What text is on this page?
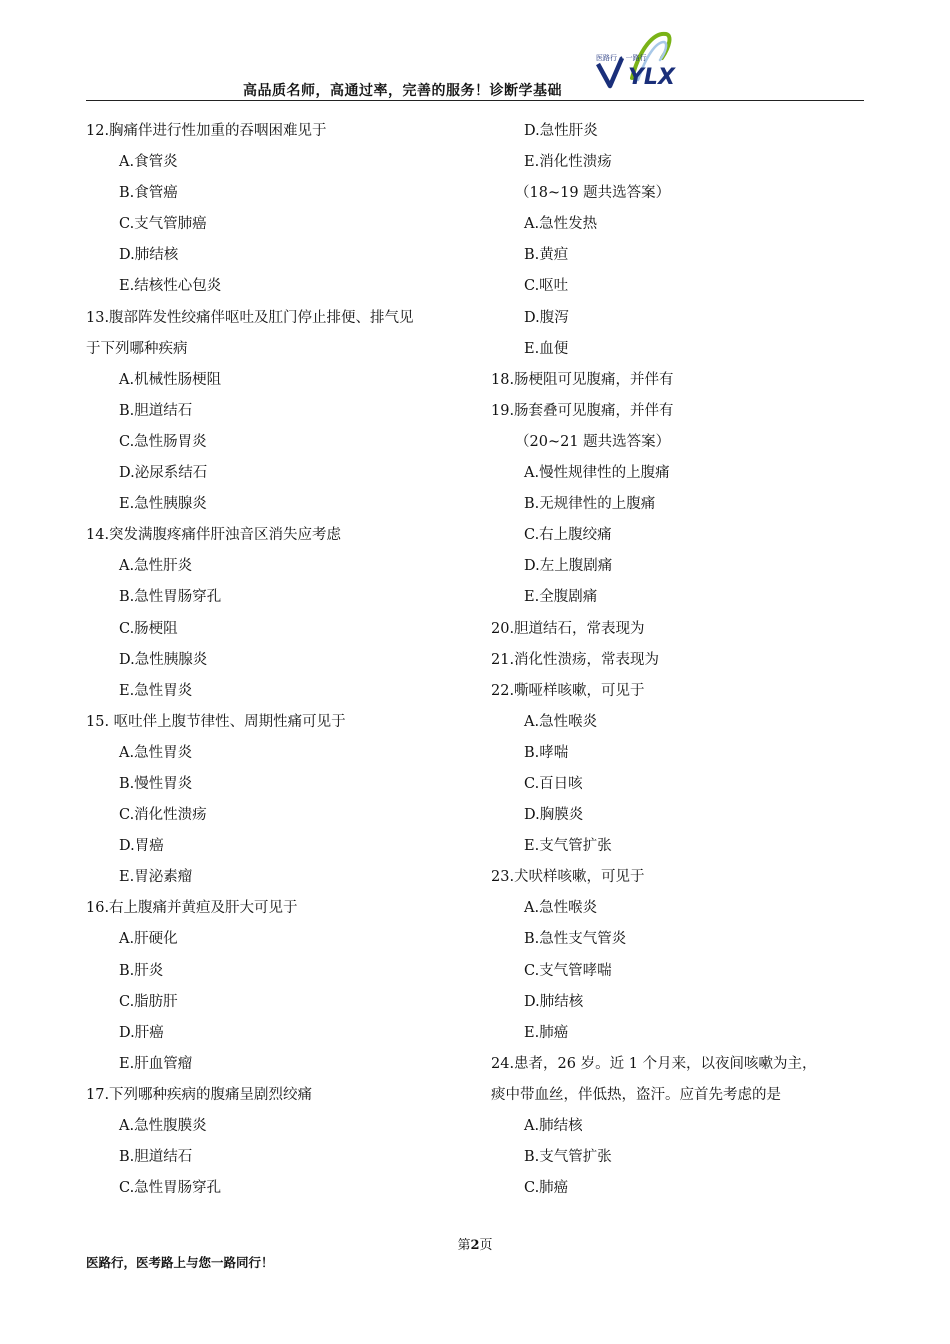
医路行 • 一路行
YLX
高品质名师，高通过率，完善的服务！诊断学基础
12.胸痛伴进行性加重的吞咽困难见于
A.食管炎
B.食管癌
C.支气管肺癌
D.肺结核
E.结核性心包炎
13.腹部阵发性绞痛伴呕吐及肛门停止排便、排气见
于下列哪种疾病
A.机械性肠梗阻
B.胆道结石
C.急性肠胃炎
D.泌尿系结石
E.急性胰腺炎
14.突发满腹疼痛伴肝浊音区消失应考虑
A.急性肝炎
B.急性胃肠穿孔
C.肠梗阻
D.急性胰腺炎
E.急性胃炎
15. 呕吐伴上腹节律性、周期性痛可见于
A.急性胃炎
B.慢性胃炎
C.消化性溃疡
D.胃癌
E.胃泌素瘤
16.右上腹痛并黄疸及肝大可见于
A.肝硬化
B.肝炎
C.脂肪肝
D.肝癌
E.肝血管瘤
17.下列哪种疾病的腹痛呈剧烈绞痛
A.急性腹膜炎
B.胆道结石
C.急性胃肠穿孔
D.急性肝炎
E.消化性溃疡
（18~19 题共选答案）
A.急性发热
B.黄疸
C.呕吐
D.腹泻
E.血便
18.肠梗阻可见腹痛，并伴有
19.肠套叠可见腹痛，并伴有
（20~21 题共选答案）
A.慢性规律性的上腹痛
B.无规律性的上腹痛
C.右上腹绞痛
D.左上腹剧痛
E.全腹剧痛
20.胆道结石，常表现为
21.消化性溃疡，常表现为
22.嘶哑样咳嗽，可见于
A.急性喉炎
B.哮喘
C.百日咳
D.胸膜炎
E.支气管扩张
23.犬吠样咳嗽，可见于
A.急性喉炎
B.急性支气管炎
C.支气管哮喘
D.肺结核
E.肺癌
24.患者，26 岁。近 1 个月来，以夜间咳嗽为主，
痰中带血丝，伴低热，盗汗。应首先考虑的是
A.肺结核
B.支气管扩张
C.肺癌
第2页
医路行，医考路上与您一路同行！
